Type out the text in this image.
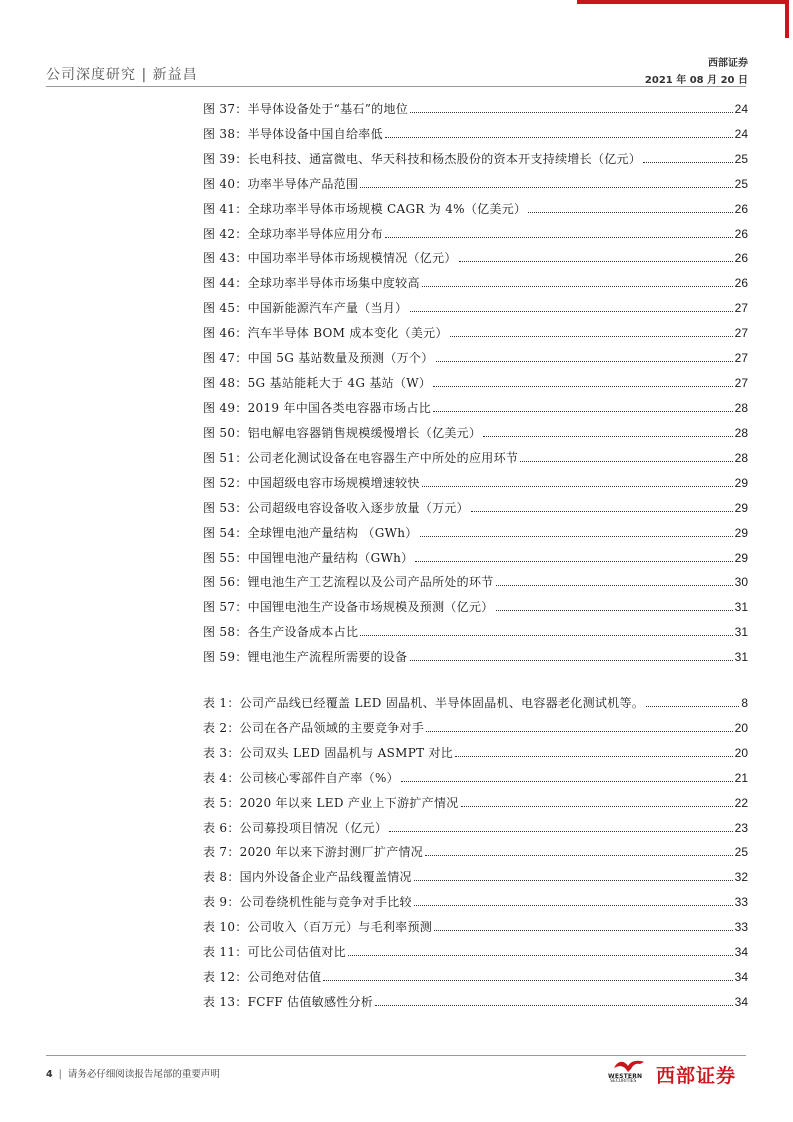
公司深度研究 | 新益昌
西部证券
2021 年 08 月 20 日
图 37：半导体设备处于“基石”的地位	24
图 38：半导体设备中国自给率低	24
图 39：长电科技、通富微电、华天科技和杨杰股份的资本开支持续增长（亿元）	25
图 40：功率半导体产品范围	25
图 41：全球功率半导体市场规模 CAGR 为 4%（亿美元）	26
图 42：全球功率半导体应用分布	26
图 43：中国功率半导体市场规模情况（亿元）	26
图 44：全球功率半导体市场集中度较高	26
图 45：中国新能源汽车产量（当月）	27
图 46：汽车半导体 BOM 成本变化（美元）	27
图 47：中国 5G 基站数量及预测（万个）	27
图 48：5G 基站能耗大于 4G 基站（W）	27
图 49：2019 年中国各类电容器市场占比	28
图 50：铝电解电容器销售规模缓慢增长（亿美元）	28
图 51：公司老化测试设备在电容器生产中所处的应用环节	28
图 52：中国超级电容市场规模增速较快	29
图 53：公司超级电容设备收入逐步放量（万元）	29
图 54：全球锂电池产量结构 （GWh）	29
图 55：中国锂电池产量结构（GWh）	29
图 56：锂电池生产工艺流程以及公司产品所处的环节	30
图 57：中国锂电池生产设备市场规模及预测（亿元）	31
图 58：各生产设备成本占比	31
图 59：锂电池生产流程所需要的设备	31
表 1：公司产品线已经覆盖 LED 固晶机、半导体固晶机、电容器老化测试机等。	8
表 2：公司在各产品领域的主要竞争对手	20
表 3：公司双头 LED 固晶机与 ASMPT 对比	20
表 4：公司核心零部件自产率（%）	21
表 5：2020 年以来 LED 产业上下游扩产情况	22
表 6：公司募投项目情况（亿元）	23
表 7：2020 年以来下游封测厂扩产情况	25
表 8：国内外设备企业产品线覆盖情况	32
表 9：公司卷绕机性能与竞争对手比较	33
表 10：公司收入（百万元）与毛利率预测	33
表 11：可比公司估值对比	34
表 12：公司绝对估值	34
表 13：FCFF 估值敏感性分析	34
4 | 请务必仔细阅读报告尾部的重要声明	WESTERN
SECURITIES 西部证券
